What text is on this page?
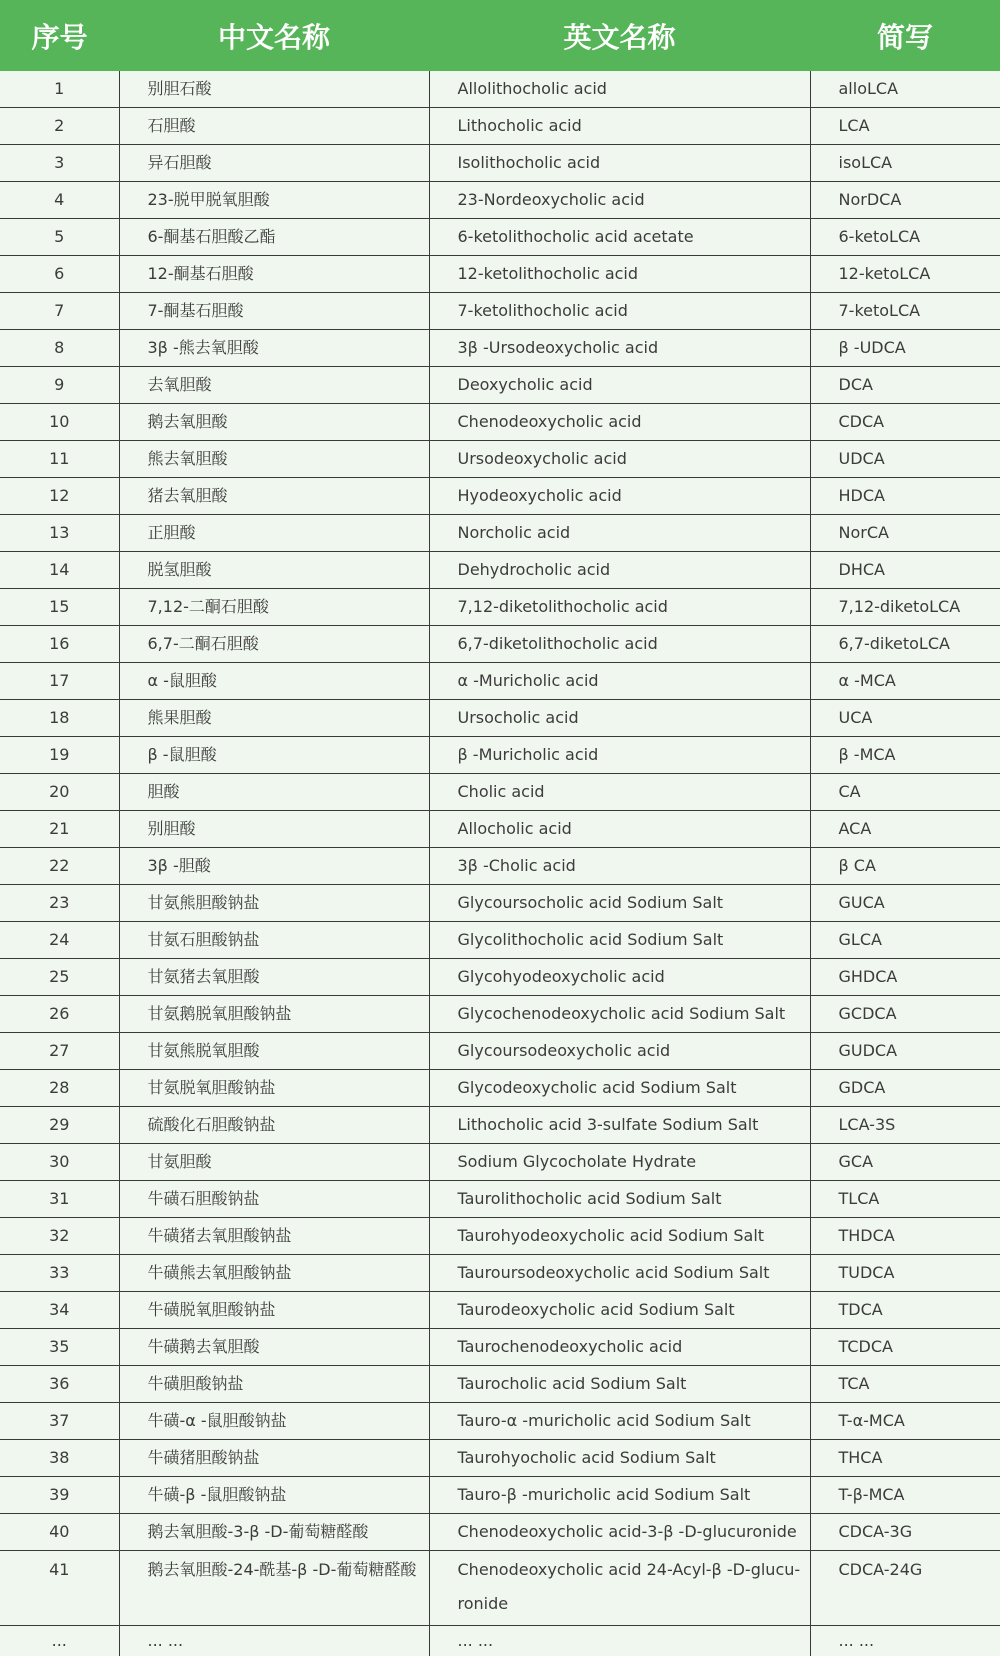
序号	中文名称	英文名称	简写
1	别胆石酸	Allolithocholic acid	alloLCA
2	石胆酸	Lithocholic acid	LCA
3	异石胆酸	Isolithocholic acid	isoLCA
4	23-脱甲脱氧胆酸	23-Nordeoxycholic acid	NorDCA
5	6-酮基石胆酸乙酯	6-ketolithocholic acid acetate	6-ketoLCA
6	12-酮基石胆酸	12-ketolithocholic acid	12-ketoLCA
7	7-酮基石胆酸	7-ketolithocholic acid	7-ketoLCA
8	3β -熊去氧胆酸	3β -Ursodeoxycholic acid	β -UDCA
9	去氧胆酸	Deoxycholic acid	DCA
10	鹅去氧胆酸	Chenodeoxycholic acid	CDCA
11	熊去氧胆酸	Ursodeoxycholic acid	UDCA
12	猪去氧胆酸	Hyodeoxycholic acid	HDCA
13	正胆酸	Norcholic acid	NorCA
14	脱氢胆酸	Dehydrocholic acid	DHCA
15	7,12-二酮石胆酸	7,12-diketolithocholic acid	7,12-diketoLCA
16	6,7-二酮石胆酸	6,7-diketolithocholic acid	6,7-diketoLCA
17	α -鼠胆酸	α -Muricholic acid	α -MCA
18	熊果胆酸	Ursocholic acid	UCA
19	β -鼠胆酸	β -Muricholic acid	β -MCA
20	胆酸	Cholic acid	CA
21	别胆酸	Allocholic acid	ACA
22	3β -胆酸	3β -Cholic acid	β CA
23	甘氨熊胆酸钠盐	Glycoursocholic acid Sodium Salt	GUCA
24	甘氨石胆酸钠盐	Glycolithocholic acid Sodium Salt	GLCA
25	甘氨猪去氧胆酸	Glycohyodeoxycholic acid	GHDCA
26	甘氨鹅脱氧胆酸钠盐	Glycochenodeoxycholic acid Sodium Salt	GCDCA
27	甘氨熊脱氧胆酸	Glycoursodeoxycholic acid	GUDCA
28	甘氨脱氧胆酸钠盐	Glycodeoxycholic acid Sodium Salt	GDCA
29	硫酸化石胆酸钠盐	Lithocholic acid 3-sulfate Sodium Salt	LCA-3S
30	甘氨胆酸	Sodium Glycocholate Hydrate	GCA
31	牛磺石胆酸钠盐	Taurolithocholic acid Sodium Salt	TLCA
32	牛磺猪去氧胆酸钠盐	Taurohyodeoxycholic acid Sodium Salt	THDCA
33	牛磺熊去氧胆酸钠盐	Tauroursodeoxycholic acid Sodium Salt	TUDCA
34	牛磺脱氧胆酸钠盐	Taurodeoxycholic acid Sodium Salt	TDCA
35	牛磺鹅去氧胆酸	Taurochenodeoxycholic acid	TCDCA
36	牛磺胆酸钠盐	Taurocholic acid Sodium Salt	TCA
37	牛磺-α -鼠胆酸钠盐	Tauro-α -muricholic acid Sodium Salt	T-α-MCA
38	牛磺猪胆酸钠盐	Taurohyocholic acid Sodium Salt	THCA
39	牛磺-β -鼠胆酸钠盐	Tauro-β -muricholic acid Sodium Salt	T-β-MCA
40	鹅去氧胆酸-3-β -D-葡萄糖醛酸	Chenodeoxycholic acid-3-β -D-glucuronide	CDCA-3G
41	鹅去氧胆酸-24-酰基-β -D-葡萄糖醛酸	Chenodeoxycholic acid 24-Acyl-β -D-glucu-ronide	CDCA-24G
...	... ...	... ...	... ...
